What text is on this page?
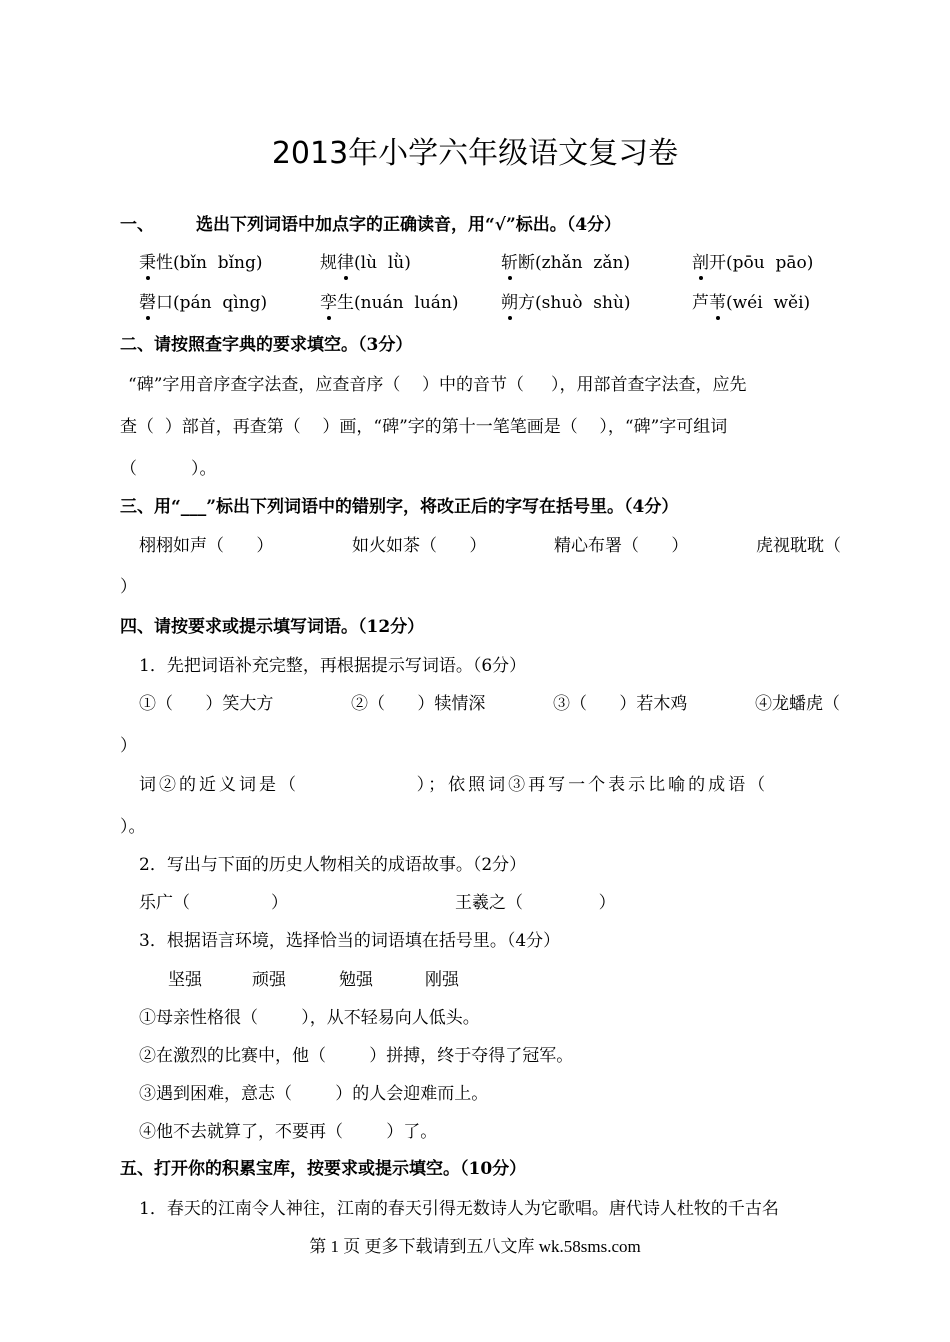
2013年小学六年级语文复习卷
一、 选出下列词语中加点字的正确读音，用“√”标出。（4分）
秉性(bǐn  bǐng)	规律(lù  lǜ)	斩断(zhǎn  zǎn)	剖开(pōu  pāo)
磬口(pán  qìng)	孪生(nuán  luán) 朔方(shuò  shù)	芦苇(wéi  wěi)
二、请按照查字典的要求填空。（3分）
“碑”字用音序查字法查，应查音序（    ）中的音节（     ），用部首查字法查，应先
查（  ）部首，再查第（    ）画，“碑”字的第十一笔笔画是（    ），“碑”字可组词
（          ）。
三、用“___”标出下列词语中的错别字，将改正后的字写在括号里。（4分）
栩栩如声（      ）	如火如茶（      ）	精心布署（      ）	虎视耽耽（
）
四、请按要求或提示填写词语。（12分）
1．先把词语补充完整，再根据提示写词语。（6分）
①（      ）笑大方	②（      ）犊情深	③（      ）若木鸡	④龙蟠虎（
）
词②的近义词是（              ）；依照词③再写一个表示比喻的成语（
）。
2．写出与下面的历史人物相关的成语故事。（2分）
乐广（               ）	王羲之（              ）
3．根据语言环境，选择恰当的词语填在括号里。（4分）
坚强	顽强	勉强	刚强
①母亲性格很（        ），从不轻易向人低头。
②在激烈的比赛中，他（        ）拼搏，终于夺得了冠军。
③遇到困难，意志（        ）的人会迎难而上。
④他不去就算了，不要再（        ）了。
五、打开你的积累宝库，按要求或提示填空。（10分）
1．春天的江南令人神往，江南的春天引得无数诗人为它歌唱。唐代诗人杜牧的千古名
第 1 页 更多下载请到五八文库 wk.58sms.com
